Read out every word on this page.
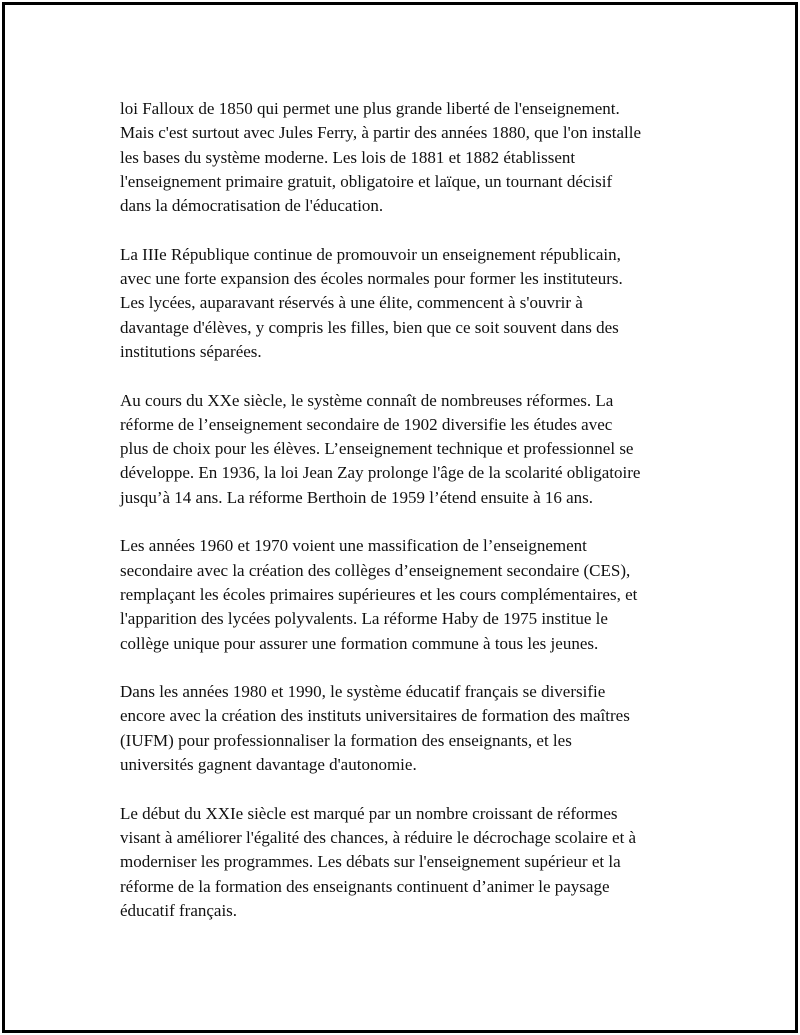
loi Falloux de 1850 qui permet une plus grande liberté de l'enseignement.
Mais c'est surtout avec Jules Ferry, à partir des années 1880, que l'on installe
les bases du système moderne. Les lois de 1881 et 1882 établissent
l'enseignement primaire gratuit, obligatoire et laïque, un tournant décisif
dans la démocratisation de l'éducation.

La IIIe République continue de promouvoir un enseignement républicain,
avec une forte expansion des écoles normales pour former les instituteurs.
Les lycées, auparavant réservés à une élite, commencent à s'ouvrir à
davantage d'élèves, y compris les filles, bien que ce soit souvent dans des
institutions séparées.

Au cours du XXe siècle, le système connaît de nombreuses réformes. La
réforme de l’enseignement secondaire de 1902 diversifie les études avec
plus de choix pour les élèves. L’enseignement technique et professionnel se
développe. En 1936, la loi Jean Zay prolonge l'âge de la scolarité obligatoire
jusqu’à 14 ans. La réforme Berthoin de 1959 l’étend ensuite à 16 ans.

Les années 1960 et 1970 voient une massification de l’enseignement
secondaire avec la création des collèges d’enseignement secondaire (CES),
remplaçant les écoles primaires supérieures et les cours complémentaires, et
l'apparition des lycées polyvalents. La réforme Haby de 1975 institue le
collège unique pour assurer une formation commune à tous les jeunes.

Dans les années 1980 et 1990, le système éducatif français se diversifie
encore avec la création des instituts universitaires de formation des maîtres
(IUFM) pour professionnaliser la formation des enseignants, et les
universités gagnent davantage d'autonomie.

Le début du XXIe siècle est marqué par un nombre croissant de réformes
visant à améliorer l'égalité des chances, à réduire le décrochage scolaire et à
moderniser les programmes. Les débats sur l'enseignement supérieur et la
réforme de la formation des enseignants continuent d’animer le paysage
éducatif français.
